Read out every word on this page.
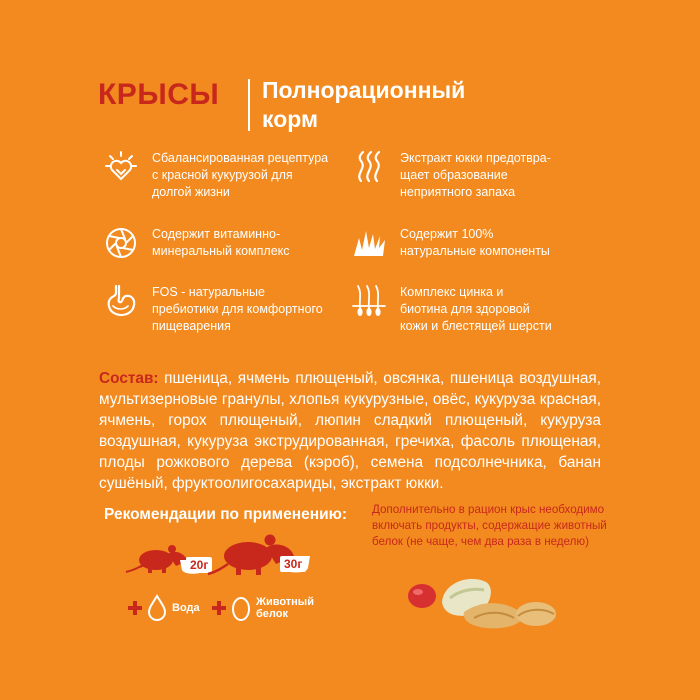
КРЫСЫ Полнорационный
корм
Сбалансированная рецептура
с красной кукурузой для
долгой жизни
Экстракт юкки предотвра-
щает образование
неприятного запаха
Содержит витаминно-
минеральный комплекс
Содержит 100%
натуральные компоненты
FOS - натуральные
пребиотики для комфортного
пищеварения
Комплекс цинка и
биотина для здоровой
кожи и блестящей шерсти
Состав: пшеница, ячмень плющеный, овсянка, пшеница воздушная, мультизерновые гранулы, хлопья кукурузные, овёс, кукуруза красная, ячмень, горох плющеный, люпин сладкий плющеный, кукуруза воздушная, кукуруза экструдированная, гречиха, фасоль плющеная, плоды рожкового дерева (кэроб), семена подсолнечника, банан сушёный, фруктоолигосахариды, экстракт юкки.
Рекомендации по применению:
20г	30г
Вода	Животный
белок
Дополнительно в рацион крыс необходимо включать продукты, содержащие животный белок (не чаще, чем два раза в неделю)
